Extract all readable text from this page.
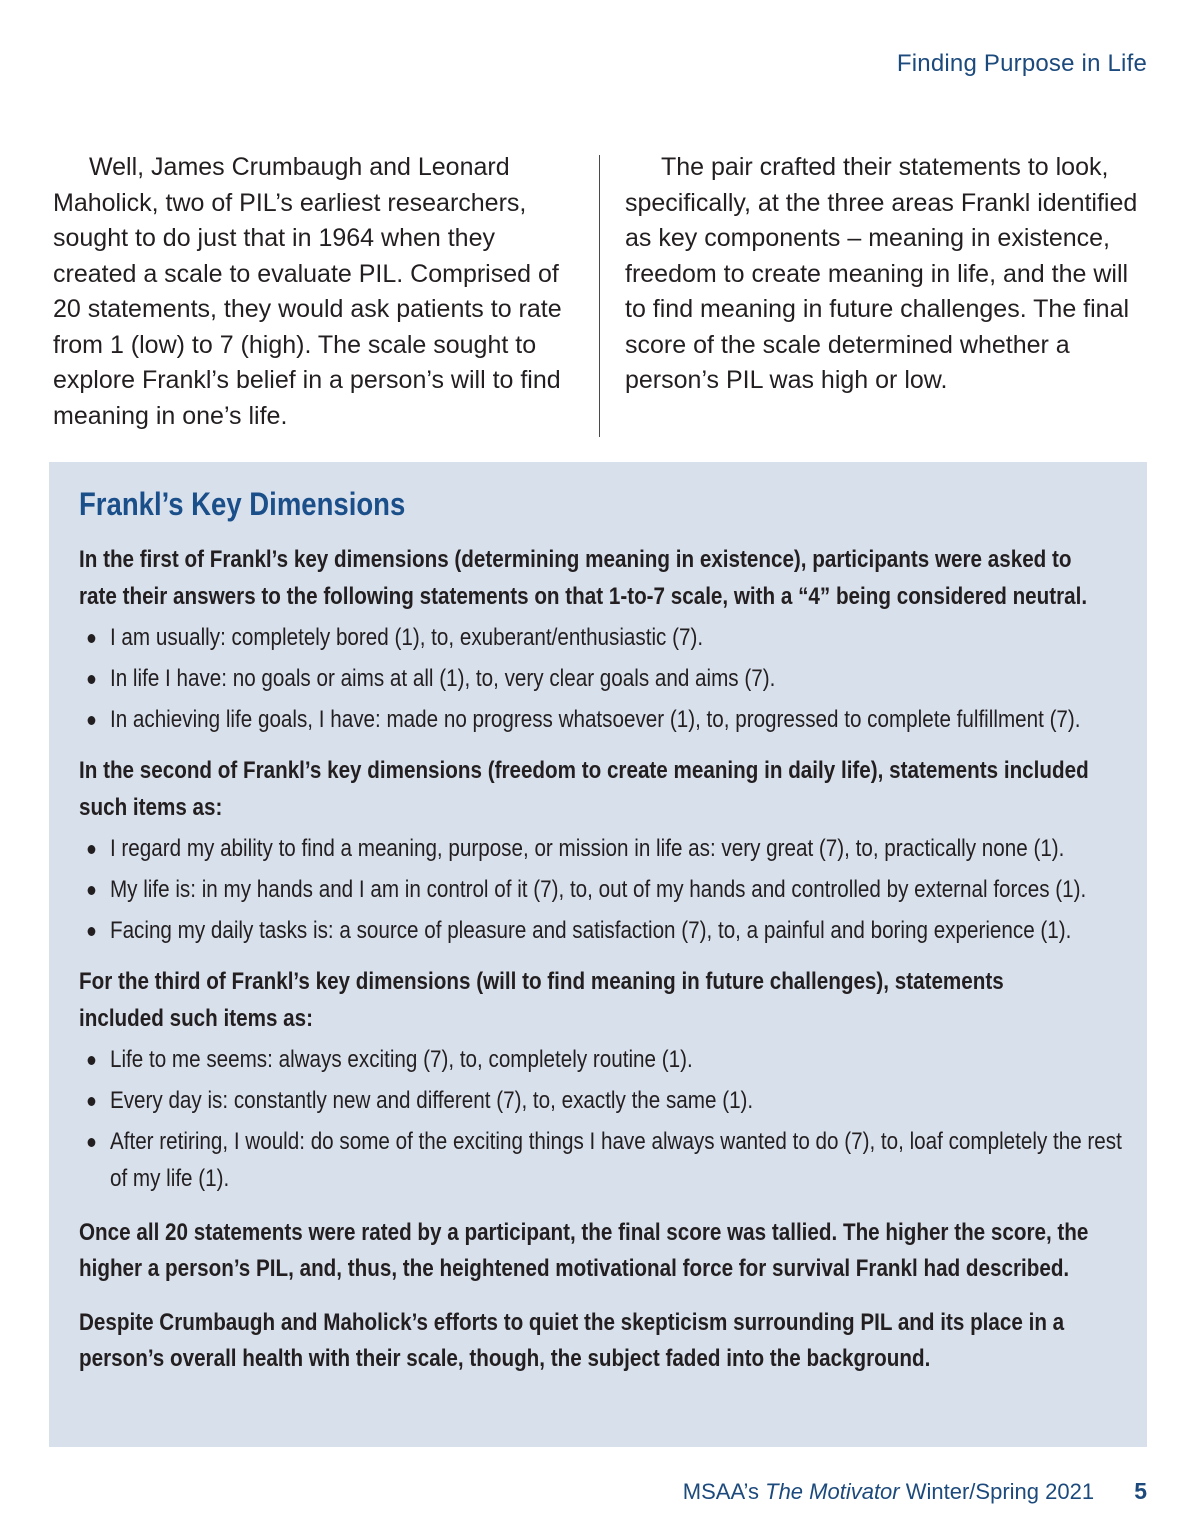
Finding Purpose in Life

Well, James Crumbaugh and Leonard Maholick, two of PIL’s earliest researchers, sought to do just that in 1964 when they created a scale to evaluate PIL. Comprised of 20 statements, they would ask patients to rate from 1 (low) to 7 (high). The scale sought to explore Frankl’s belief in a person’s will to find meaning in one’s life.

The pair crafted their statements to look, specifically, at the three areas Frankl identified as key components – meaning in existence, freedom to create meaning in life, and the will to find meaning in future challenges. The final score of the scale determined whether a person’s PIL was high or low.

Frankl’s Key Dimensions

In the first of Frankl’s key dimensions (determining meaning in existence), participants were asked to rate their answers to the following statements on that 1-to-7 scale, with a “4” being considered neutral.

I am usually: completely bored (1), to, exuberant/enthusiastic (7).
In life I have: no goals or aims at all (1), to, very clear goals and aims (7).
In achieving life goals, I have: made no progress whatsoever (1), to, progressed to complete fulfillment (7).

In the second of Frankl’s key dimensions (freedom to create meaning in daily life), statements included such items as:

I regard my ability to find a meaning, purpose, or mission in life as: very great (7), to, practically none (1).
My life is: in my hands and I am in control of it (7), to, out of my hands and controlled by external forces (1).
Facing my daily tasks is: a source of pleasure and satisfaction (7), to, a painful and boring experience (1).

For the third of Frankl’s key dimensions (will to find meaning in future challenges), statements included such items as:

Life to me seems: always exciting (7), to, completely routine (1).
Every day is: constantly new and different (7), to, exactly the same (1).
After retiring, I would: do some of the exciting things I have always wanted to do (7), to, loaf completely the rest of my life (1).

Once all 20 statements were rated by a participant, the final score was tallied. The higher the score, the higher a person’s PIL, and, thus, the heightened motivational force for survival Frankl had described.

Despite Crumbaugh and Maholick’s efforts to quiet the skepticism surrounding PIL and its place in a person’s overall health with their scale, though, the subject faded into the background.

MSAA’s The Motivator Winter/Spring 2021 5
